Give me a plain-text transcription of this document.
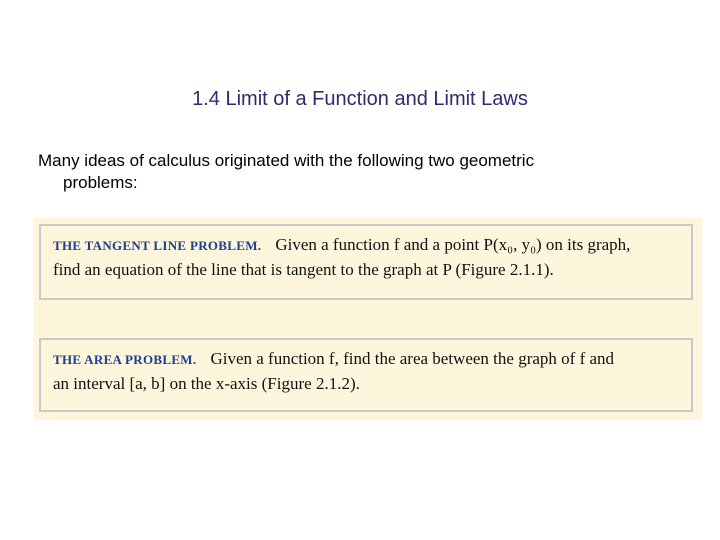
1.4 Limit of a Function and Limit Laws
Many ideas of calculus originated with the following two geometric
problems:
THE TANGENT LINE PROBLEM. Given a function f and a point P(x₀, y₀) on its graph,
find an equation of the line that is tangent to the graph at P (Figure 2.1.1).
THE AREA PROBLEM. Given a function f, find the area between the graph of f and
an interval [a, b] on the x-axis (Figure 2.1.2).
